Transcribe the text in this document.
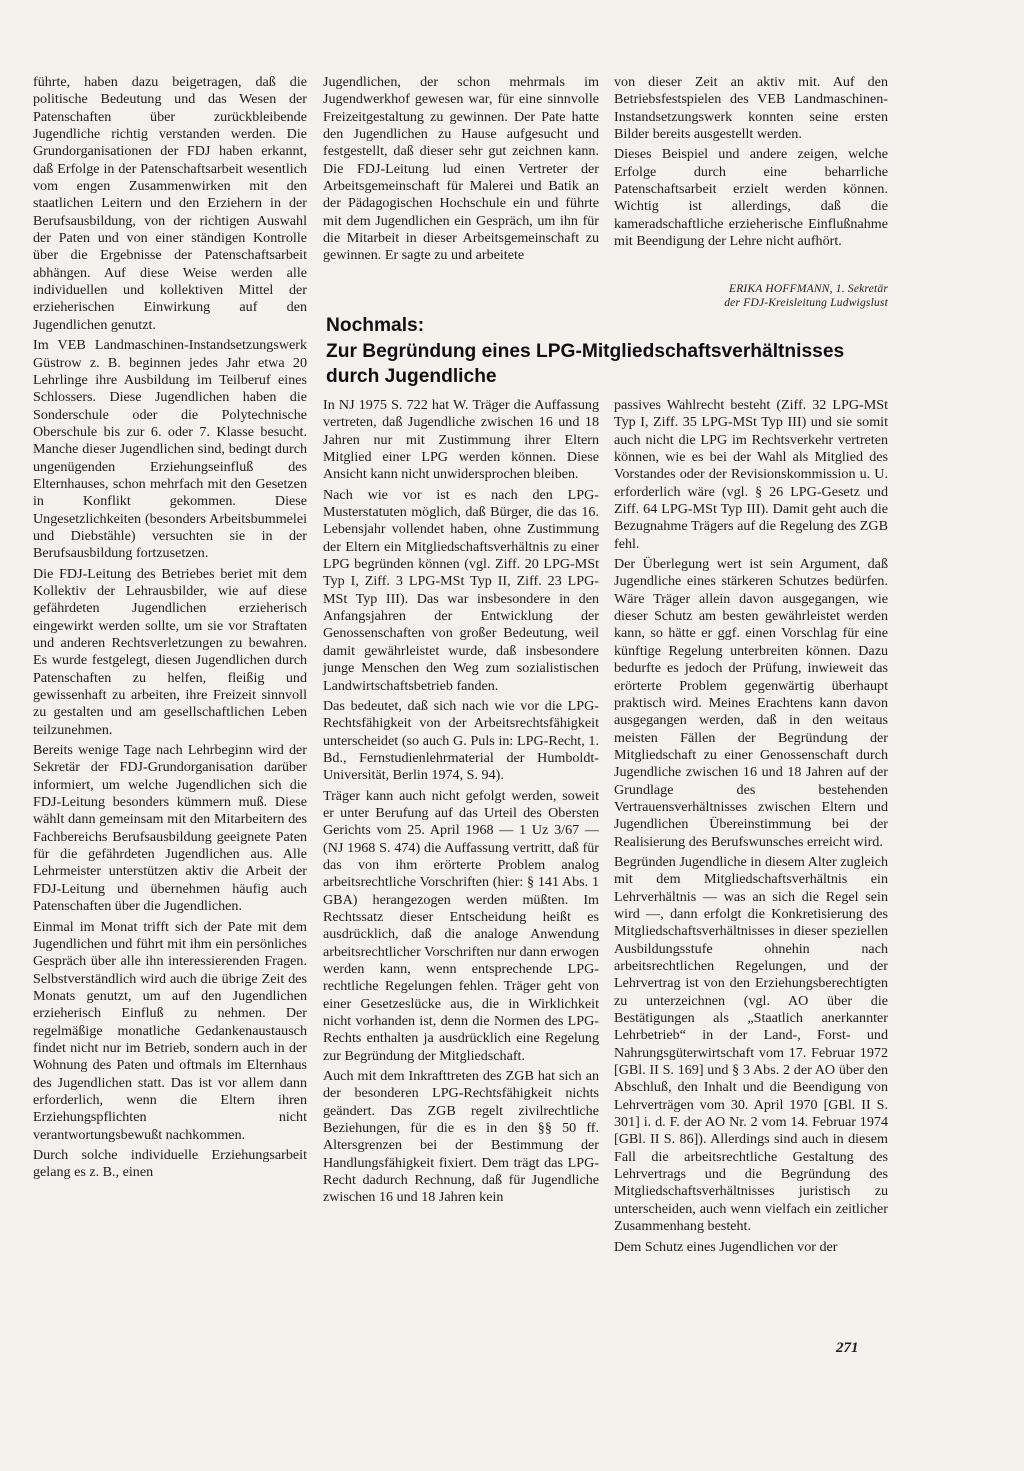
führte, haben dazu beigetragen, daß die politische Bedeutung und das Wesen der Patenschaften über zurückbleibende Jugendliche richtig verstanden werden. Die Grundorganisationen der FDJ haben erkannt, daß Erfolge in der Patenschaftsarbeit wesentlich vom engen Zusammenwirken mit den staatlichen Leitern und den Erziehern in der Berufsausbildung, von der richtigen Auswahl der Paten und von einer ständigen Kontrolle über die Ergebnisse der Patenschaftsarbeit abhängen. Auf diese Weise werden alle individuellen und kollektiven Mittel der erzieherischen Einwirkung auf den Jugendlichen genutzt.

Im VEB Landmaschinen-Instandsetzungswerk Güstrow z. B. beginnen jedes Jahr etwa 20 Lehrlinge ihre Ausbildung im Teilberuf eines Schlossers. Diese Jugendlichen haben die Sonderschule oder die Polytechnische Oberschule bis zur 6. oder 7. Klasse besucht. Manche dieser Jugendlichen sind, bedingt durch ungenügenden Erziehungseinfluß des Elternhauses, schon mehrfach mit den Gesetzen in Konflikt gekommen. Diese Ungesetzlichkeiten (besonders Arbeitsbummelei und Diebstähle) versuchten sie in der Berufsausbildung fortzusetzen.

Die FDJ-Leitung des Betriebes beriet mit dem Kollektiv der Lehrausbilder, wie auf diese gefährdeten Jugendlichen erzieherisch eingewirkt werden sollte, um sie vor Straftaten und anderen Rechtsverletzungen zu bewahren. Es wurde festgelegt, diesen Jugendlichen durch Patenschaften zu helfen, fleißig und gewissenhaft zu arbeiten, ihre Freizeit sinnvoll zu gestalten und am gesellschaftlichen Leben teilzunehmen.

Bereits wenige Tage nach Lehrbeginn wird der Sekretär der FDJ-Grundorganisation darüber informiert, um welche Jugendlichen sich die FDJ-Leitung besonders kümmern muß. Diese wählt dann gemeinsam mit den Mitarbeitern des Fachbereichs Berufsausbildung geeignete Paten für die gefährdeten Jugendlichen aus. Alle Lehrmeister unterstützen aktiv die Arbeit der FDJ-Leitung und übernehmen häufig auch Patenschaften über die Jugendlichen.

Einmal im Monat trifft sich der Pate mit dem Jugendlichen und führt mit ihm ein persönliches Gespräch über alle ihn interessierenden Fragen. Selbstverständlich wird auch die übrige Zeit des Monats genutzt, um auf den Jugendlichen erzieherisch Einfluß zu nehmen. Der regelmäßige monatliche Gedankenaustausch findet nicht nur im Betrieb, sondern auch in der Wohnung des Paten und oftmals im Elternhaus des Jugendlichen statt. Das ist vor allem dann erforderlich, wenn die Eltern ihren Erziehungspflichten nicht verantwortungsbewußt nachkommen.

Durch solche individuelle Erziehungsarbeit gelang es z. B., einen

Jugendlichen, der schon mehrmals im Jugendwerkhof gewesen war, für eine sinnvolle Freizeitgestaltung zu gewinnen. Der Pate hatte den Jugendlichen zu Hause aufgesucht und festgestellt, daß dieser sehr gut zeichnen kann. Die FDJ-Leitung lud einen Vertreter der Arbeitsgemeinschaft für Malerei und Batik an der Pädagogischen Hochschule ein und führte mit dem Jugendlichen ein Gespräch, um ihn für die Mitarbeit in dieser Arbeitsgemeinschaft zu gewinnen. Er sagte zu und arbeitete

von dieser Zeit an aktiv mit. Auf den Betriebsfestspielen des VEB Landmaschinen-Instandsetzungswerk konnten seine ersten Bilder bereits ausgestellt werden.

Dieses Beispiel und andere zeigen, welche Erfolge durch eine beharrliche Patenschaftsarbeit erzielt werden können. Wichtig ist allerdings, daß die kameradschaftliche erzieherische Einflußnahme mit Beendigung der Lehre nicht aufhört.

ERIKA HOFFMANN, 1. Sekretär
der FDJ-Kreisleitung Ludwigslust
Nochmals:
Zur Begründung eines LPG-Mitgliedschaftsverhältnisses
durch Jugendliche

In NJ 1975 S. 722 hat W. Träger die Auffassung vertreten, daß Jugendliche zwischen 16 und 18 Jahren nur mit Zustimmung ihrer Eltern Mitglied einer LPG werden können. Diese Ansicht kann nicht unwidersprochen bleiben.

Nach wie vor ist es nach den LPG-Musterstatuten möglich, daß Bürger, die das 16. Lebensjahr vollendet haben, ohne Zustimmung der Eltern ein Mitgliedschaftsverhältnis zu einer LPG begründen können (vgl. Ziff. 20 LPG-MSt Typ I, Ziff. 3 LPG-MSt Typ II, Ziff. 23 LPG-MSt Typ III). Das war insbesondere in den Anfangsjahren der Entwicklung der Genossenschaften von großer Bedeutung, weil damit gewährleistet wurde, daß insbesondere junge Menschen den Weg zum sozialistischen Landwirtschaftsbetrieb fanden.

Das bedeutet, daß sich nach wie vor die LPG-Rechtsfähigkeit von der Arbeitsrechtsfähigkeit unterscheidet (so auch G. Puls in: LPG-Recht, 1. Bd., Fernstudienlehrmaterial der Humboldt-Universität, Berlin 1974, S. 94).

Träger kann auch nicht gefolgt werden, soweit er unter Berufung auf das Urteil des Obersten Gerichts vom 25. April 1968 — 1 Uz 3/67 — (NJ 1968 S. 474) die Auffassung vertritt, daß für das von ihm erörterte Problem analog arbeitsrechtliche Vorschriften (hier: § 141 Abs. 1 GBA) herangezogen werden müßten. Im Rechtssatz dieser Entscheidung heißt es ausdrücklich, daß die analoge Anwendung arbeitsrechtlicher Vorschriften nur dann erwogen werden kann, wenn entsprechende LPG-rechtliche Regelungen fehlen. Träger geht von einer Gesetzeslücke aus, die in Wirklichkeit nicht vorhanden ist, denn die Normen des LPG-Rechts enthalten ja ausdrücklich eine Regelung zur Begründung der Mitgliedschaft.

Auch mit dem Inkrafttreten des ZGB hat sich an der besonderen LPG-Rechtsfähigkeit nichts geändert. Das ZGB regelt zivilrechtliche Beziehungen, für die es in den §§ 50 ff. Altersgrenzen bei der Bestimmung der Handlungsfähigkeit fixiert. Dem trägt das LPG-Recht dadurch Rechnung, daß für Jugendliche zwischen 16 und 18 Jahren kein

passives Wahlrecht besteht (Ziff. 32 LPG-MSt Typ I, Ziff. 35 LPG-MSt Typ III) und sie somit auch nicht die LPG im Rechtsverkehr vertreten können, wie es bei der Wahl als Mitglied des Vorstandes oder der Revisionskommission u. U. erforderlich wäre (vgl. § 26 LPG-Gesetz und Ziff. 64 LPG-MSt Typ III). Damit geht auch die Bezugnahme Trägers auf die Regelung des ZGB fehl.

Der Überlegung wert ist sein Argument, daß Jugendliche eines stärkeren Schutzes bedürfen. Wäre Träger allein davon ausgegangen, wie dieser Schutz am besten gewährleistet werden kann, so hätte er ggf. einen Vorschlag für eine künftige Regelung unterbreiten können. Dazu bedurfte es jedoch der Prüfung, inwieweit das erörterte Problem gegenwärtig überhaupt praktisch wird. Meines Erachtens kann davon ausgegangen werden, daß in den weitaus meisten Fällen der Begründung der Mitgliedschaft zu einer Genossenschaft durch Jugendliche zwischen 16 und 18 Jahren auf der Grundlage des bestehenden Vertrauensverhältnisses zwischen Eltern und Jugendlichen Übereinstimmung bei der Realisierung des Berufswunsches erreicht wird.

Begründen Jugendliche in diesem Alter zugleich mit dem Mitgliedschaftsverhältnis ein Lehrverhältnis — was an sich die Regel sein wird —, dann erfolgt die Konkretisierung des Mitgliedschaftsverhältnisses in dieser speziellen Ausbildungsstufe ohnehin nach arbeitsrechtlichen Regelungen, und der Lehrvertrag ist von den Erziehungsberechtigten zu unterzeichnen (vgl. AO über die Bestätigungen als „Staatlich anerkannter Lehrbetrieb“ in der Land-, Forst- und Nahrungsgüterwirtschaft vom 17. Februar 1972 [GBl. II S. 169] und § 3 Abs. 2 der AO über den Abschluß, den Inhalt und die Beendigung von Lehrverträgen vom 30. April 1970 [GBl. II S. 301] i. d. F. der AO Nr. 2 vom 14. Februar 1974 [GBl. II S. 86]). Allerdings sind auch in diesem Fall die arbeitsrechtliche Gestaltung des Lehrvertrags und die Begründung des Mitgliedschaftsverhältnisses juristisch zu unterscheiden, auch wenn vielfach ein zeitlicher Zusammenhang besteht.

Dem Schutz eines Jugendlichen vor der

271
